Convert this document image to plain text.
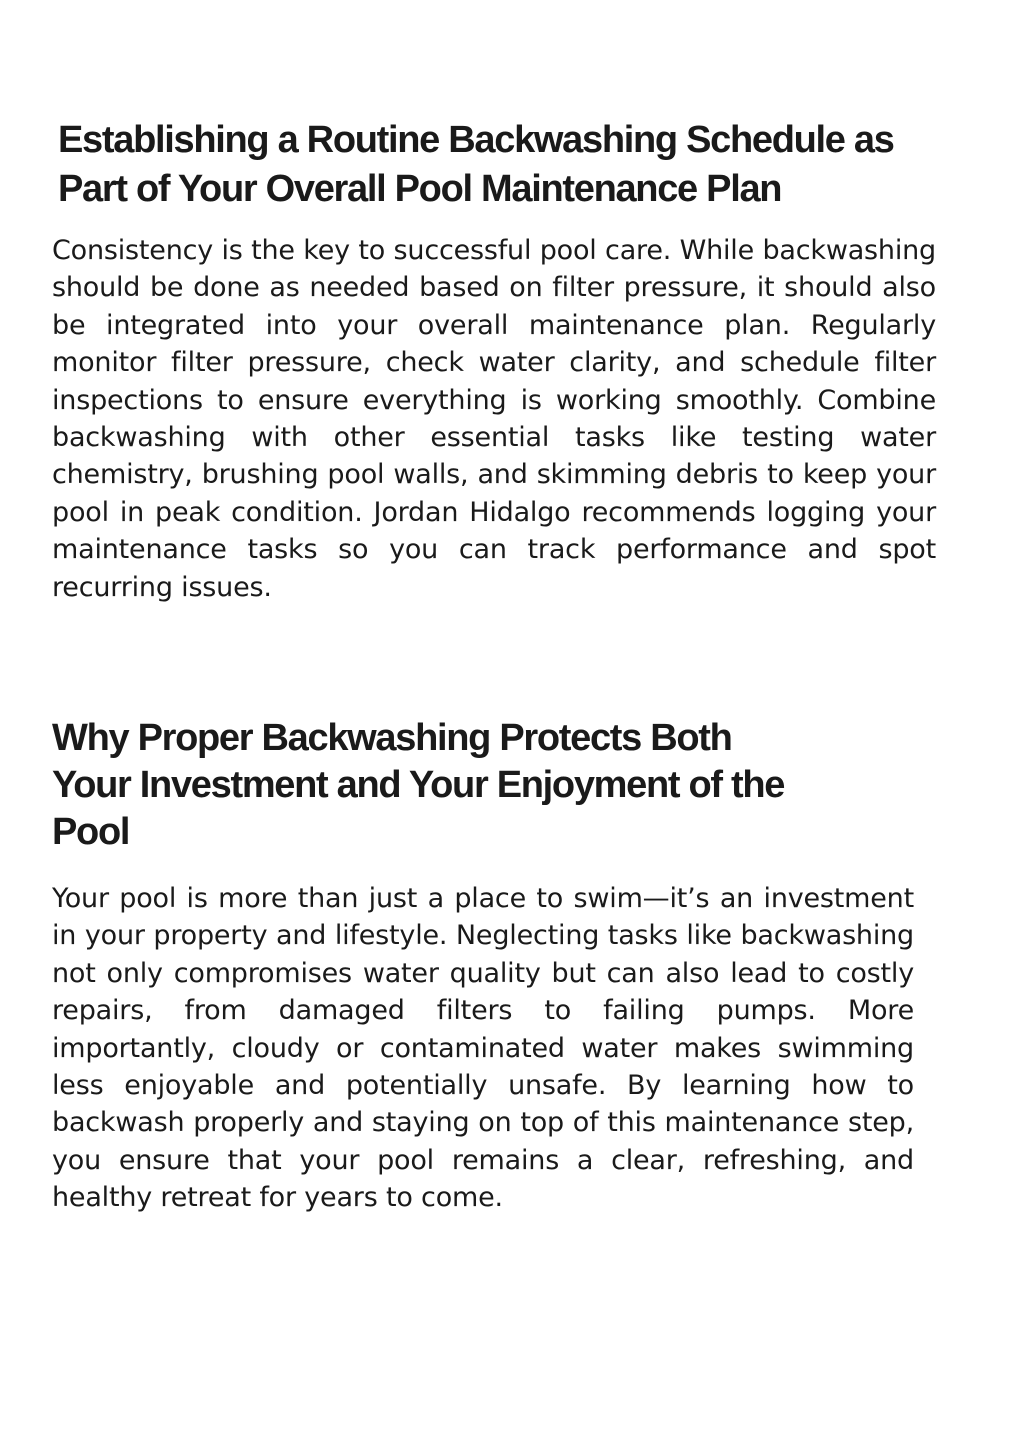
Establishing a Routine Backwashing Schedule as Part of Your Overall Pool Maintenance Plan

Consistency is the key to successful pool care. While backwashing should be done as needed based on filter pressure, it should also be integrated into your overall maintenance plan. Regularly monitor filter pressure, check water clarity, and schedule filter inspections to ensure everything is working smoothly. Combine backwashing with other essential tasks like testing water chemistry, brushing pool walls, and skimming debris to keep your pool in peak condition. Jordan Hidalgo recommends logging your maintenance tasks so you can track performance and spot recurring issues.

Why Proper Backwashing Protects Both Your Investment and Your Enjoyment of the Pool

Your pool is more than just a place to swim—it’s an investment in your property and lifestyle. Neglecting tasks like backwashing not only compromises water quality but can also lead to costly repairs, from damaged filters to failing pumps. More importantly, cloudy or contaminated water makes swimming less enjoyable and potentially unsafe. By learning how to backwash properly and staying on top of this maintenance step, you ensure that your pool remains a clear, refreshing, and healthy retreat for years to come.
